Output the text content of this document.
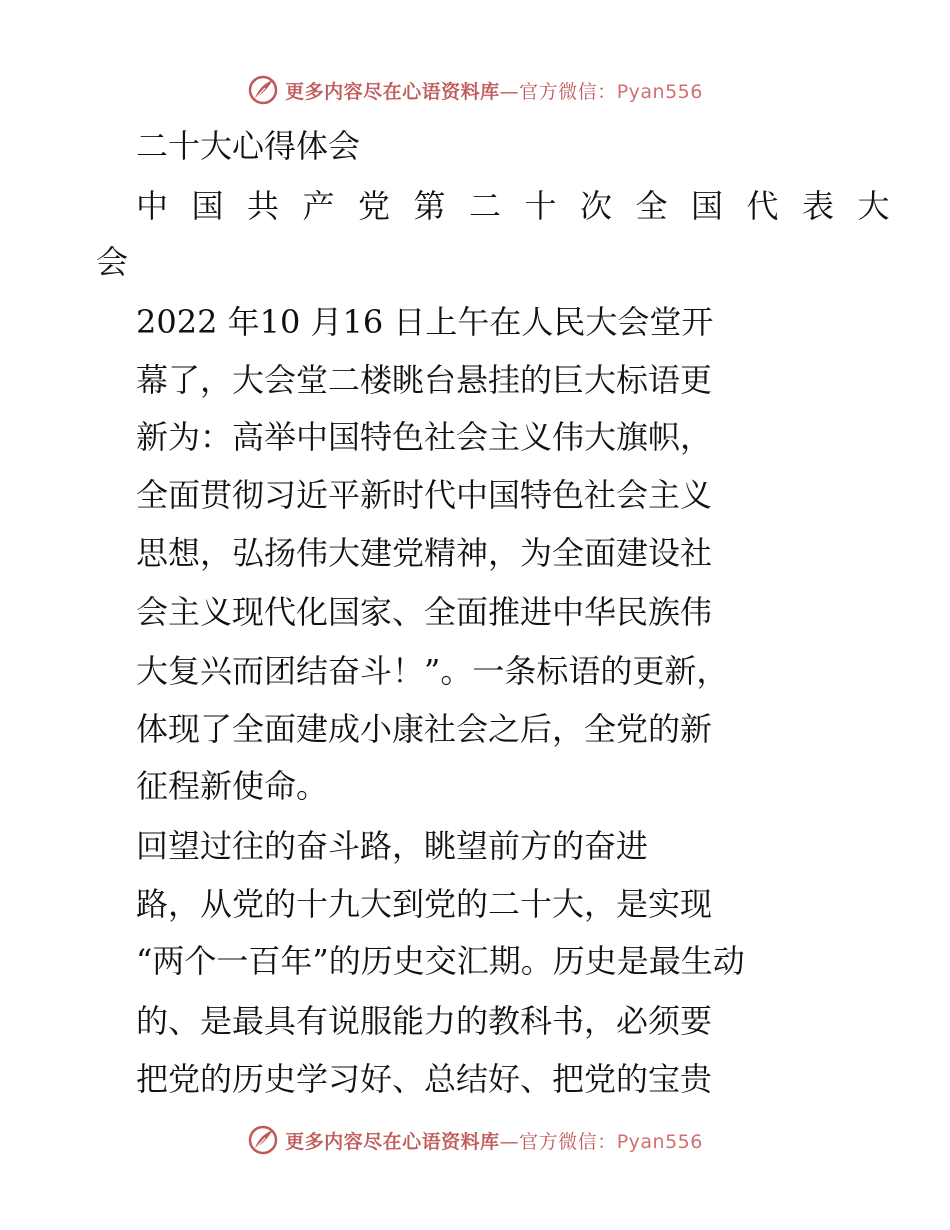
更多内容尽在心语资料库—官方微信：Pyan556
二十大心得体会
中国共产党第二十次全国代表大
会
2022 年10 月16 日上午在人民大会堂开
幕了，大会堂二楼眺台悬挂的巨大标语更
新为：高举中国特色社会主义伟大旗帜，
全面贯彻习近平新时代中国特色社会主义
思想，弘扬伟大建党精神，为全面建设社
会主义现代化国家、全面推进中华民族伟
大复兴而团结奋斗！”。一条标语的更新，
体现了全面建成小康社会之后，全党的新
征程新使命。
回望过往的奋斗路，眺望前方的奋进
路，从党的十九大到党的二十大，是实现
“两个一百年”的历史交汇期。历史是最生动
的、是最具有说服能力的教科书，必须要
把党的历史学习好、总结好、把党的宝贵
更多内容尽在心语资料库—官方微信：Pyan556
